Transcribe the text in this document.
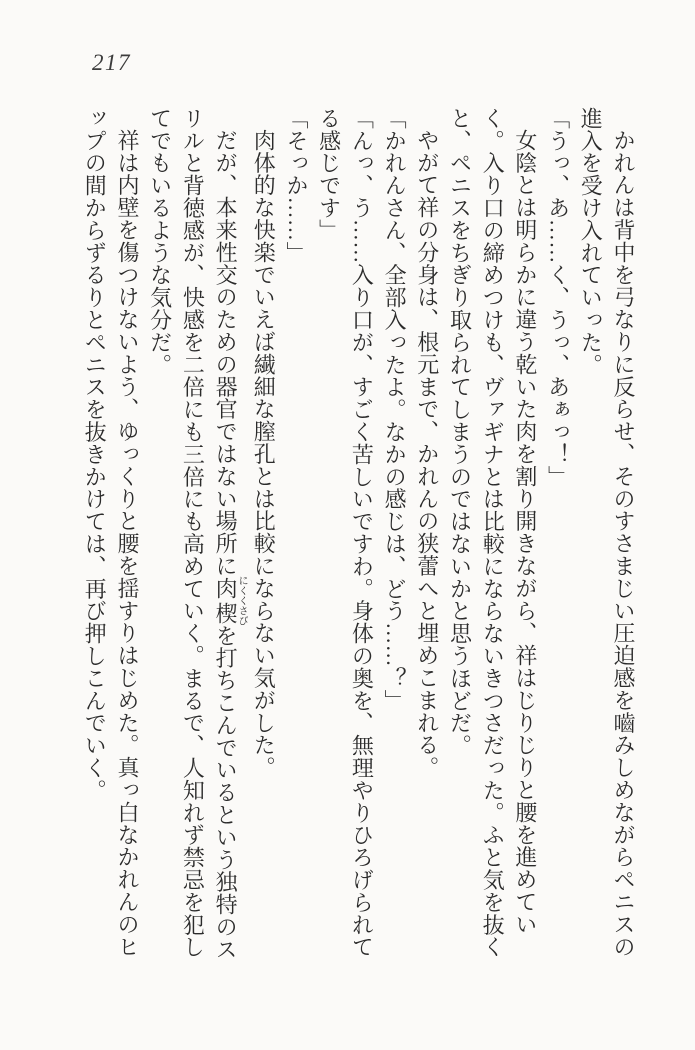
217

かれんは背中を弓なりに反らせ、そのすさまじい圧迫感を嚙みしめながらペニスの進入を受け入れていった。

「うっ、あ……く、うっ、あぁっ！」

女陰とは明らかに違う乾いた肉を割り開きながら、祥はじりじりと腰を進めていく。入り口の締めつけも、ヴァギナとは比較にならないきつさだった。ふと気を抜くと、ペニスをちぎり取られてしまうのではないかと思うほどだ。

やがて祥の分身は、根元まで、かれんの狭蕾へと埋めこまれる。

「かれんさん、全部入ったよ。なかの感じは、どう……？」

「んっ、う……入り口が、すごく苦しいですわ。身体の奥を、無理やりひろげられてる感じです」

「そっか……」

肉体的な快楽でいえば繊細な膣孔とは比較にならない気がした。

だが、本来性交のための器官ではない場所に肉楔にくくさびを打ちこんでいるという独特のスリルと背徳感が、快感を二倍にも三倍にも高めていく。まるで、人知れず禁忌を犯してでもいるような気分だ。

祥は内壁を傷つけないよう、ゆっくりと腰を揺すりはじめた。真っ白なかれんのヒップの間からずるりとペニスを抜きかけては、再び押しこんでいく。
